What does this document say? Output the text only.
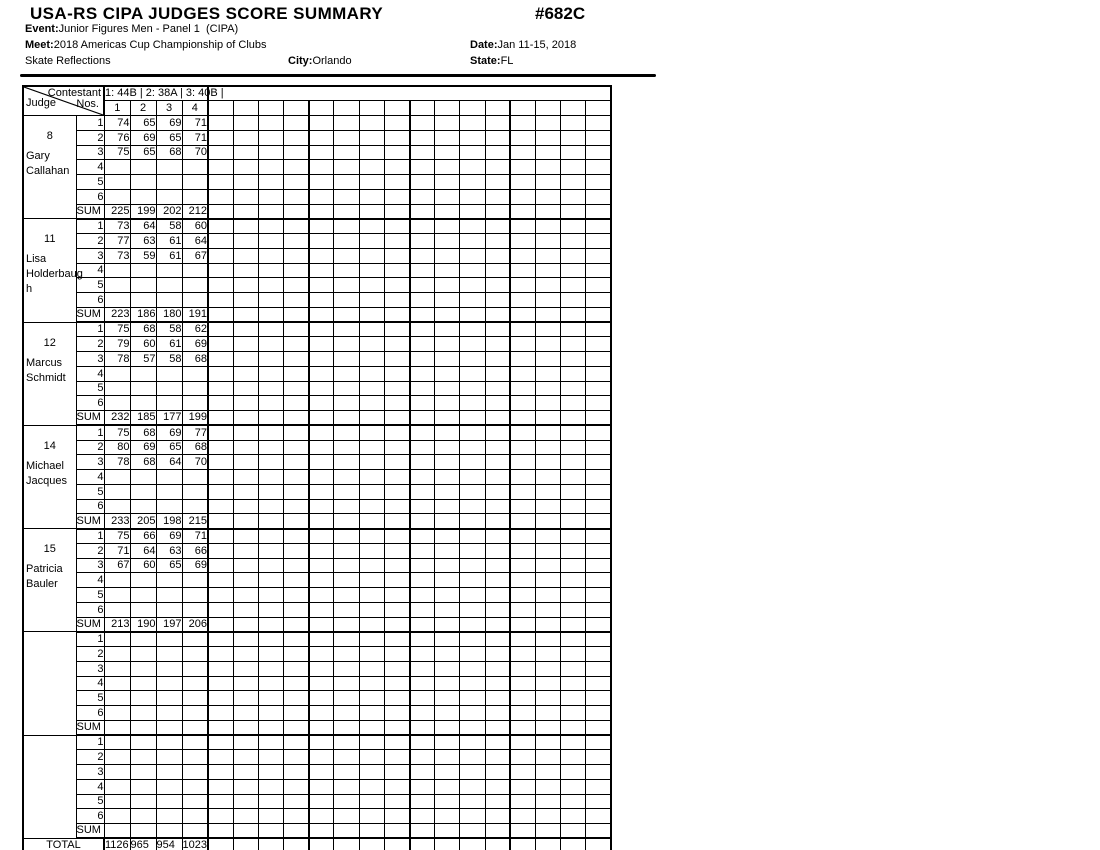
USA-RS CIPA JUDGES SCORE SUMMARY	#682C
Event:Junior Figures Men - Panel 1  (CIPA)
Meet:2018 Americas Cup Championship of Clubs	Date:Jan 11-15, 2018
Skate Reflections	City:Orlando	State:FL
Contestant
Nos.
Judge		1: 44B | 2: 38A | 3: 40B |																			
		1	2	3	4																

8
Gary
Callahan	1	74	65	69	71																
	2	76	69	65	71																
	3	75	65	68	70																
	4																				
	5																				
	6																				
	SUM	225	199	202	212																

11
Lisa
Holderbaug
h	1	73	64	58	60																
	2	77	63	61	64																
	3	73	59	61	67																
	4																				
	5																				
	6																				
	SUM	223	186	180	191																

12
Marcus
Schmidt	1	75	68	58	62																
	2	79	60	61	69																
	3	78	57	58	68																
	4																				
	5																				
	6																				
	SUM	232	185	177	199																

14
Michael
Jacques	1	75	68	69	77																
	2	80	69	65	68																
	3	78	68	64	70																
	4																				
	5																				
	6																				
	SUM	233	205	198	215																

15
Patricia
Bauler	1	75	66	69	71																
	2	71	64	63	66																
	3	67	60	65	69																
	4																				
	5																				
	6																				
	SUM	213	190	197	206																

	1																				
	2																				
	3																				
	4																				
	5																				
	6																				
	SUM																				

	1																				
	2																				
	3																				
	4																				
	5																				
	6																				
	SUM																				
TOTAL		1126	965	954	1023																
